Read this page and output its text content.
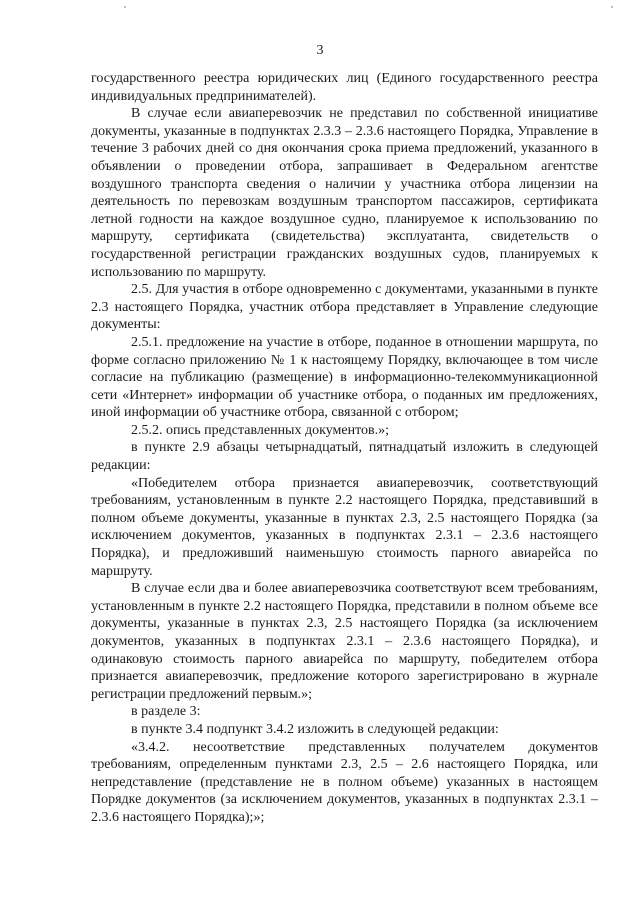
3

государственного реестра юридических лиц (Единого государственного реестра индивидуальных предпринимателей).

В случае если авиаперевозчик не представил по собственной инициативе документы, указанные в подпунктах 2.3.3 – 2.3.6 настоящего Порядка, Управление в течение 3 рабочих дней со дня окончания срока приема предложений, указанного в объявлении о проведении отбора, запрашивает в Федеральном агентстве воздушного транспорта сведения о наличии у участника отбора лицензии на деятельность по перевозкам воздушным транспортом пассажиров, сертификата летной годности на каждое воздушное судно, планируемое к использованию по маршруту, сертификата (свидетельства) эксплуатанта, свидетельств о государственной регистрации гражданских воздушных судов, планируемых к использованию по маршруту.

2.5. Для участия в отборе одновременно с документами, указанными в пункте 2.3 настоящего Порядка, участник отбора представляет в Управление следующие документы:

2.5.1. предложение на участие в отборе, поданное в отношении маршрута, по форме согласно приложению № 1 к настоящему Порядку, включающее в том числе согласие на публикацию (размещение) в информационно-телекоммуникационной сети «Интернет» информации об участнике отбора, о поданных им предложениях, иной информации об участнике отбора, связанной с отбором;

2.5.2. опись представленных документов.»;

в пункте 2.9 абзацы четырнадцатый, пятнадцатый изложить в следующей редакции:

«Победителем отбора признается авиаперевозчик, соответствующий требованиям, установленным в пункте 2.2 настоящего Порядка, представивший в полном объеме документы, указанные в пунктах 2.3, 2.5 настоящего Порядка (за исключением документов, указанных в подпунктах 2.3.1 – 2.3.6 настоящего Порядка), и предложивший наименьшую стоимость парного авиарейса по маршруту.

В случае если два и более авиаперевозчика соответствуют всем требованиям, установленным в пункте 2.2 настоящего Порядка, представили в полном объеме все документы, указанные в пунктах 2.3, 2.5 настоящего Порядка (за исключением документов, указанных в подпунктах 2.3.1 – 2.3.6 настоящего Порядка), и одинаковую стоимость парного авиарейса по маршруту, победителем отбора признается авиаперевозчик, предложение которого зарегистрировано в журнале регистрации предложений первым.»;

в разделе 3:

в пункте 3.4 подпункт 3.4.2 изложить в следующей редакции:

«3.4.2. несоответствие представленных получателем документов требованиям, определенным пунктами 2.3, 2.5 – 2.6 настоящего Порядка, или непредставление (представление не в полном объеме) указанных в настоящем Порядке документов (за исключением документов, указанных в подпунктах 2.3.1 – 2.3.6 настоящего Порядка);»;
